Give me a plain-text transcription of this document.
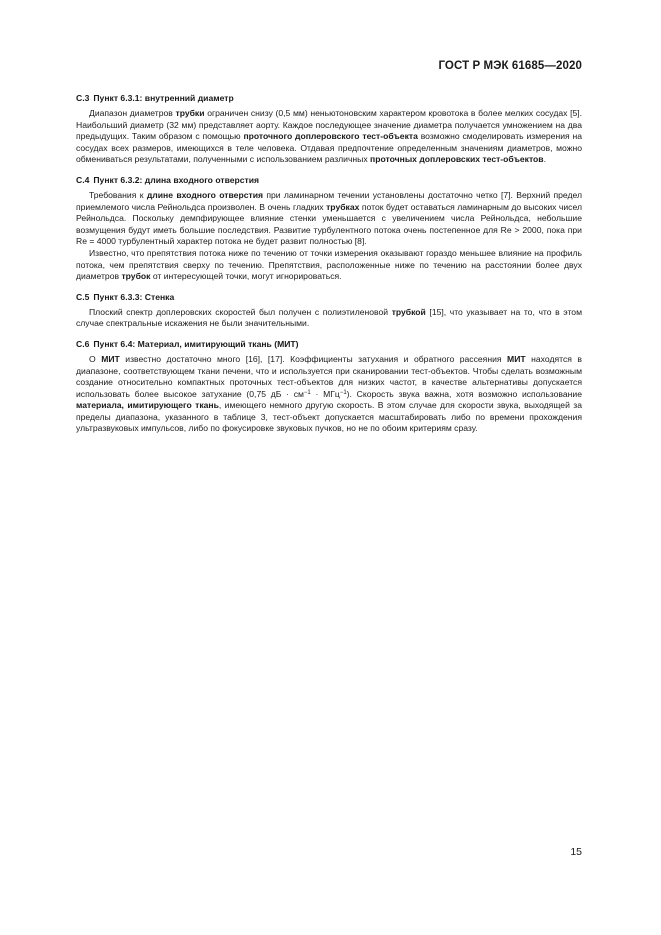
ГОСТ Р МЭК 61685—2020
C.3 Пункт 6.3.1: внутренний диаметр

Диапазон диаметров трубки ограничен снизу (0,5 мм) неньютоновским характером кровотока в более мелких сосудах [5]. Наибольший диаметр (32 мм) представляет аорту. Каждое последующее значение диаметра получается умножением на два предыдущих. Таким образом с помощью проточного доплеровского тест-объекта возможно смоделировать измерения на сосудах всех размеров, имеющихся в теле человека. Отдавая предпочтение определенным значениям диаметров, можно обмениваться результатами, полученными с использованием различных проточных доплеровских тест-объектов.

C.4 Пункт 6.3.2: длина входного отверстия

Требования к длине входного отверстия при ламинарном течении установлены достаточно четко [7]. Верхний предел приемлемого числа Рейнольдса произволен. В очень гладких трубках поток будет оставаться ламинарным до высоких чисел Рейнольдса. Поскольку демпфирующее влияние стенки уменьшается с увеличением числа Рейнольдса, небольшие возмущения будут иметь большие последствия. Развитие турбулентного потока очень постепенное для Re > 2000, пока при Re = 4000 турбулентный характер потока не будет развит полностью [8].

Известно, что препятствия потока ниже по течению от точки измерения оказывают гораздо меньшее влияние на профиль потока, чем препятствия сверху по течению. Препятствия, расположенные ниже по течению на расстоянии более двух диаметров трубок от интересующей точки, могут игнорироваться.

C.5 Пункт 6.3.3: Стенка

Плоский спектр доплеровских скоростей был получен с полиэтиленовой трубкой [15], что указывает на то, что в этом случае спектральные искажения не были значительными.

C.6 Пункт 6.4: Материал, имитирующий ткань (МИТ)

О МИТ известно достаточно много [16], [17]. Коэффициенты затухания и обратного рассеяния МИТ находятся в диапазоне, соответствующем ткани печени, что и используется при сканировании тест-объектов. Чтобы сделать возможным создание относительно компактных проточных тест-объектов для низких частот, в качестве альтернативы допускается использовать более высокое затухание (0,75 дБ · $см^{-1} \cdot МГц^{-1}$). Скорость звука важна, хотя возможно использование материала, имитирующего ткань, имеющего немного другую скорость. В этом случае для скорости звука, выходящей за пределы диапазона, указанного в таблице 3, тест-объект допускается масштабировать либо по времени прохождения ультразвуковых импульсов, либо по фокусировке звуковых пучков, но не по обоим критериям сразу.

15
